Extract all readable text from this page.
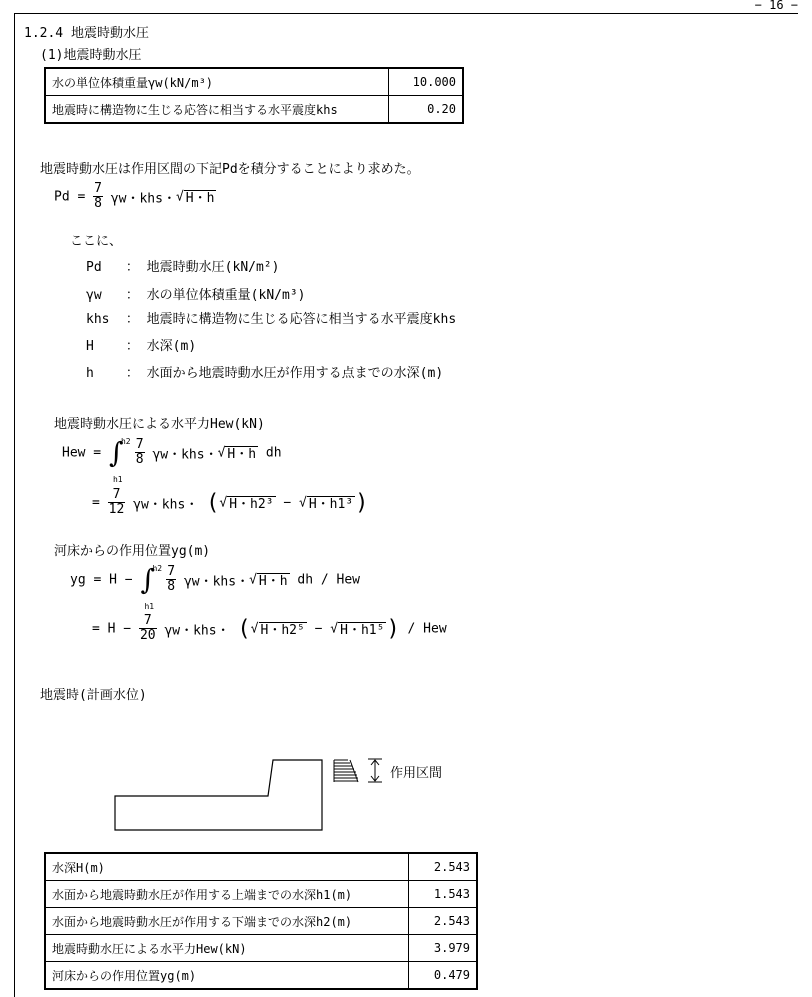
− 16 −
1.2.4 地震時動水圧
(1)地震時動水圧
水の単位体積重量γw(kN/m³)	10.000
地震時に構造物に生じる応答に相当する水平震度khs	0.20
地震時動水圧は作用区間の下記Pdを積分することにより求めた。
$Pd = \frac{7}{8}$ γw・khs・√ H・h
ここに、
Pd ： 地震時動水圧(kN/m²)
γw ： 水の単位体積重量(kN/m³)
khs ： 地震時に構造物に生じる応答に相当する水平震度khs
H ： 水深(m)
h ： 水面から地震時動水圧が作用する点までの水深(m)
地震時動水圧による水平力Hew(kN)
Hew = ∫
h2
h1

$\frac{7}{8}$ γw・khs・√ H・h dh
= $\frac{7}{12}$ γw・khs・ (√ H・h2³ − √ H・h1³)
河床からの作用位置yg(m)
yg = H − ∫
h2
h1

$\frac{7}{8}$ γw・khs・√ H・h dh / Hew
= $H - \frac{7}{20}$ γw・khs・ (√ H・h2⁵ − √ H・h1⁵) / Hew
地震時(計画水位)
作用区間
水深H(m)	2.543
水面から地震時動水圧が作用する上端までの水深h1(m)	1.543
水面から地震時動水圧が作用する下端までの水深h2(m)	2.543
地震時動水圧による水平力Hew(kN)	3.979
河床からの作用位置yg(m)	0.479
